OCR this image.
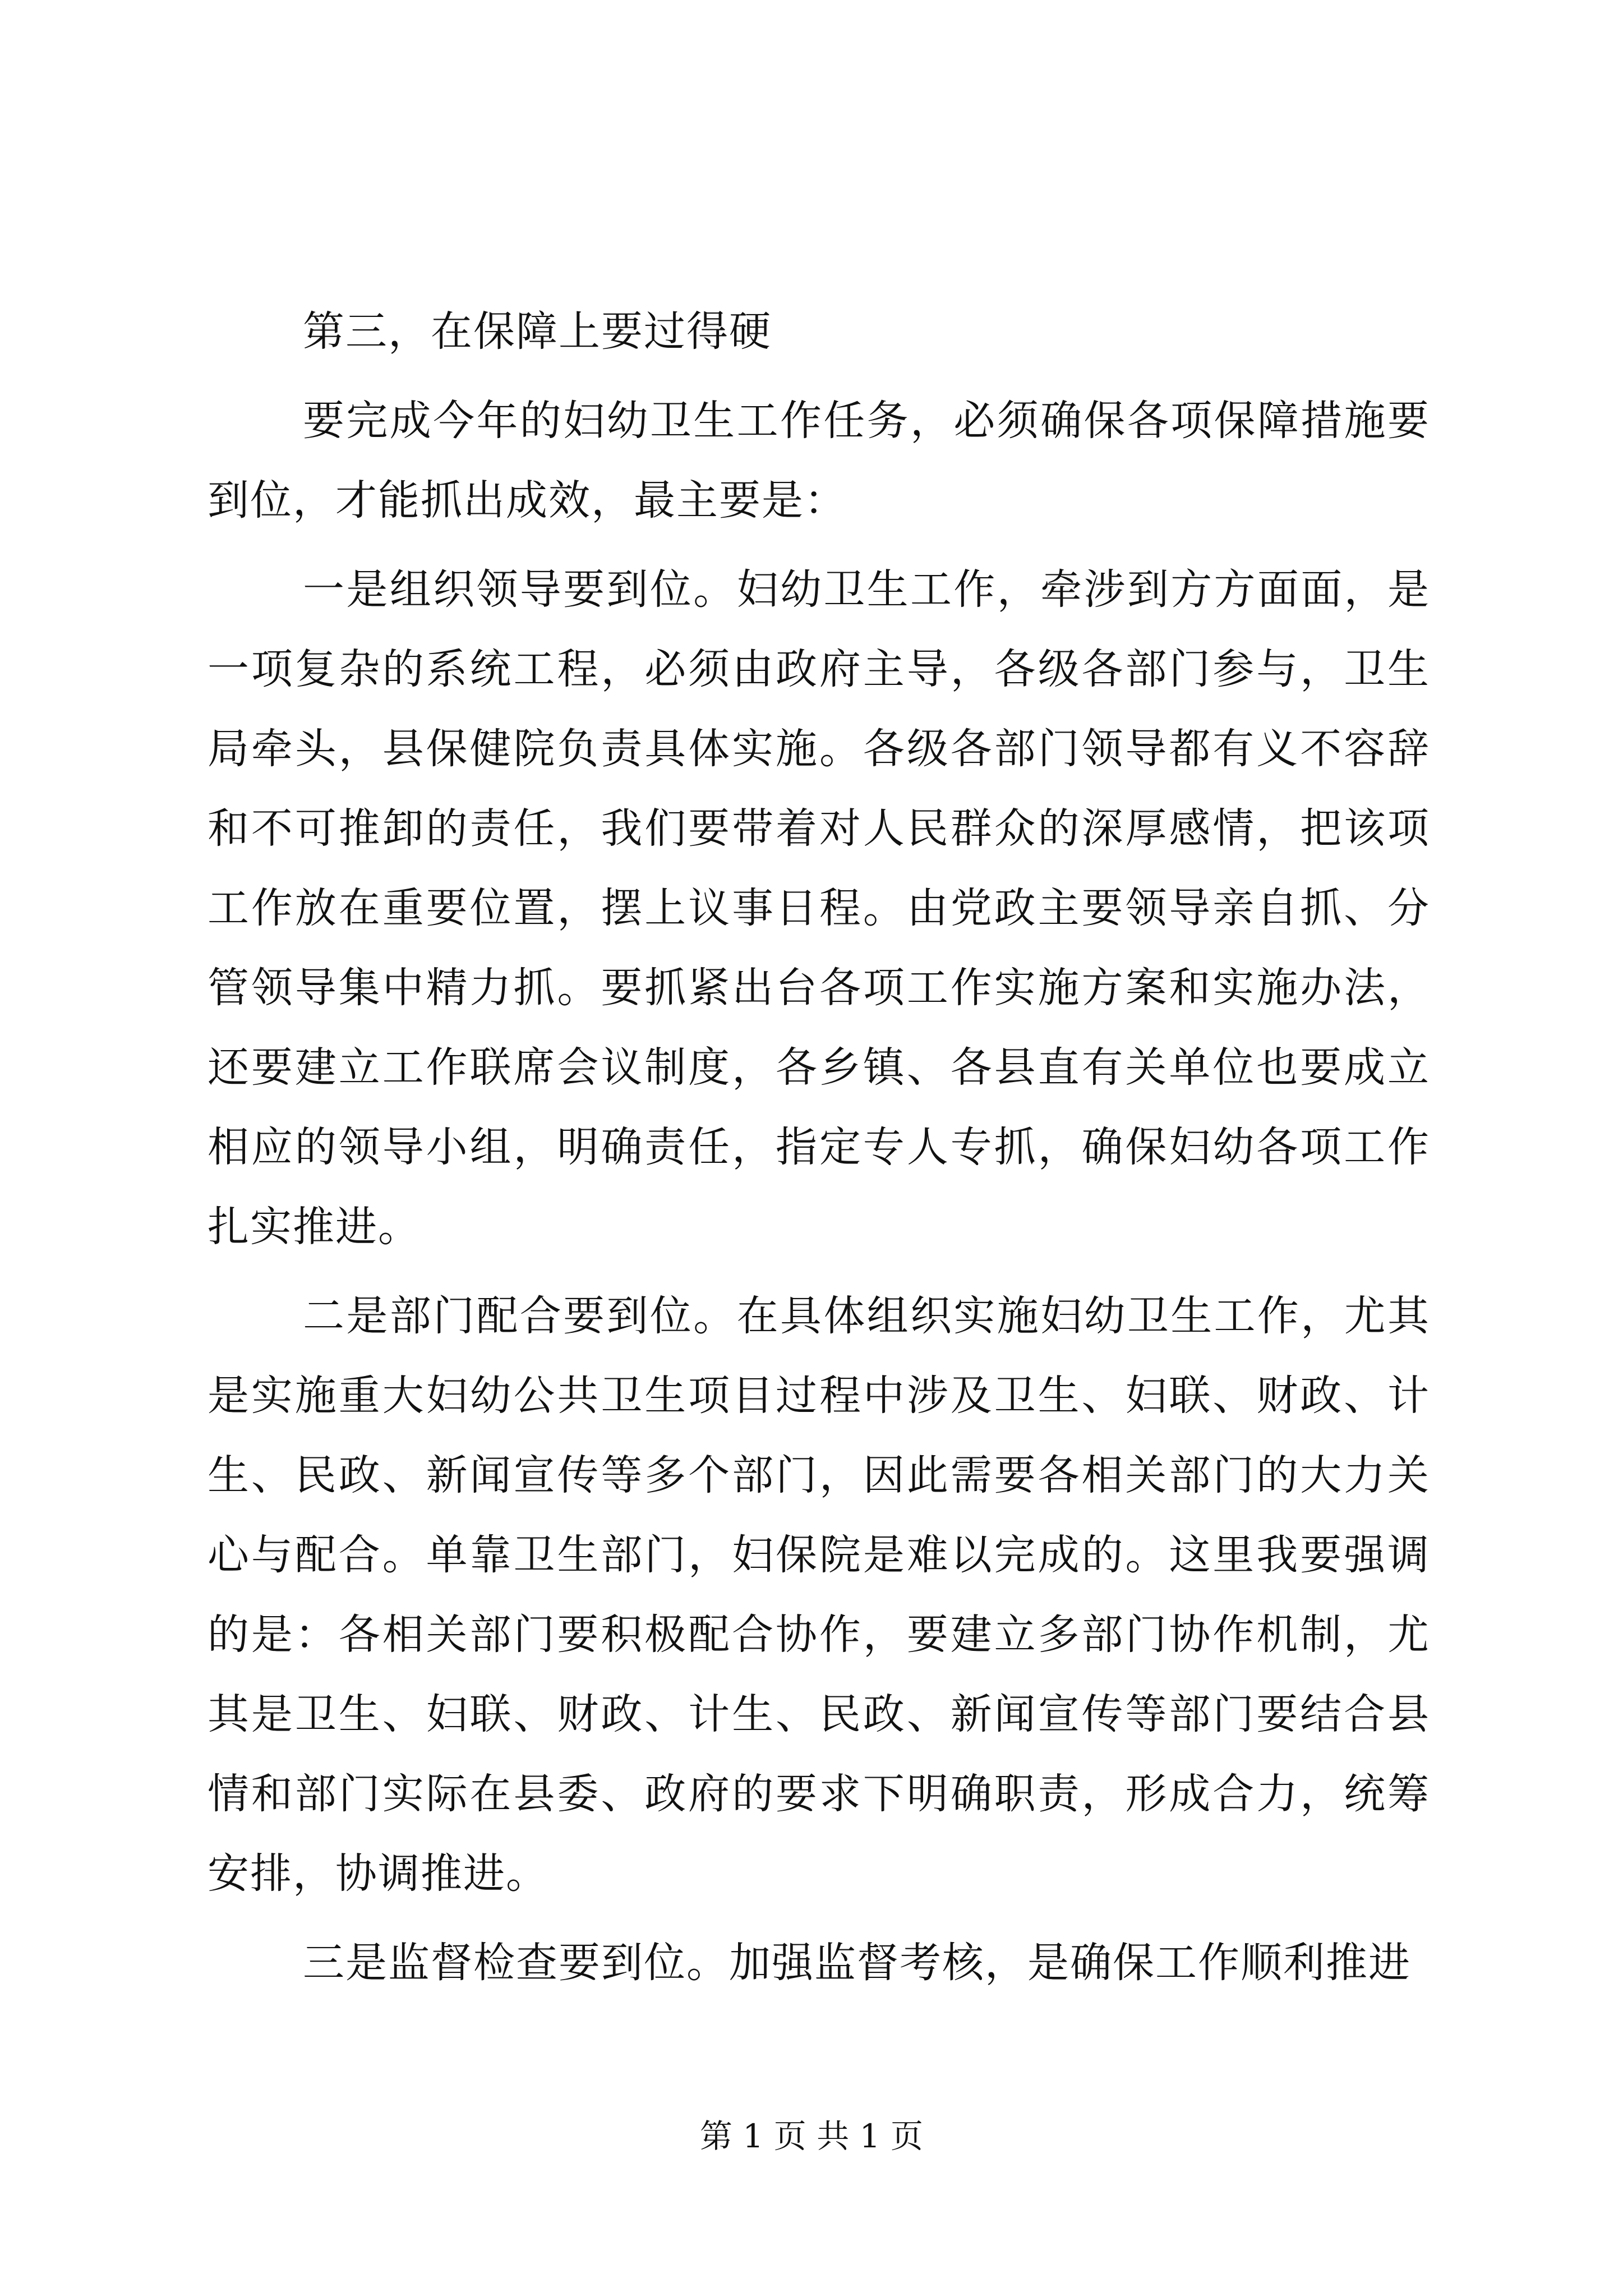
第三，在保障上要过得硬
要完成今年的妇幼卫生工作任务，必须确保各项保障措施要
到位，才能抓出成效，最主要是：
一是组织领导要到位。妇幼卫生工作，牵涉到方方面面，是
一项复杂的系统工程，必须由政府主导，各级各部门参与，卫生
局牵头，县保健院负责具体实施。各级各部门领导都有义不容辞
和不可推卸的责任，我们要带着对人民群众的深厚感情，把该项
工作放在重要位置，摆上议事日程。由党政主要领导亲自抓、分
管领导集中精力抓。要抓紧出台各项工作实施方案和实施办法，
还要建立工作联席会议制度，各乡镇、各县直有关单位也要成立
相应的领导小组，明确责任，指定专人专抓，确保妇幼各项工作
扎实推进。
二是部门配合要到位。在具体组织实施妇幼卫生工作，尤其
是实施重大妇幼公共卫生项目过程中涉及卫生、妇联、财政、计
生、民政、新闻宣传等多个部门，因此需要各相关部门的大力关
心与配合。单靠卫生部门，妇保院是难以完成的。这里我要强调
的是：各相关部门要积极配合协作，要建立多部门协作机制，尤
其是卫生、妇联、财政、计生、民政、新闻宣传等部门要结合县
情和部门实际在县委、政府的要求下明确职责，形成合力，统筹
安排，协调推进。
三是监督检查要到位。加强监督考核，是确保工作顺利推进
第 1 页 共 1 页
